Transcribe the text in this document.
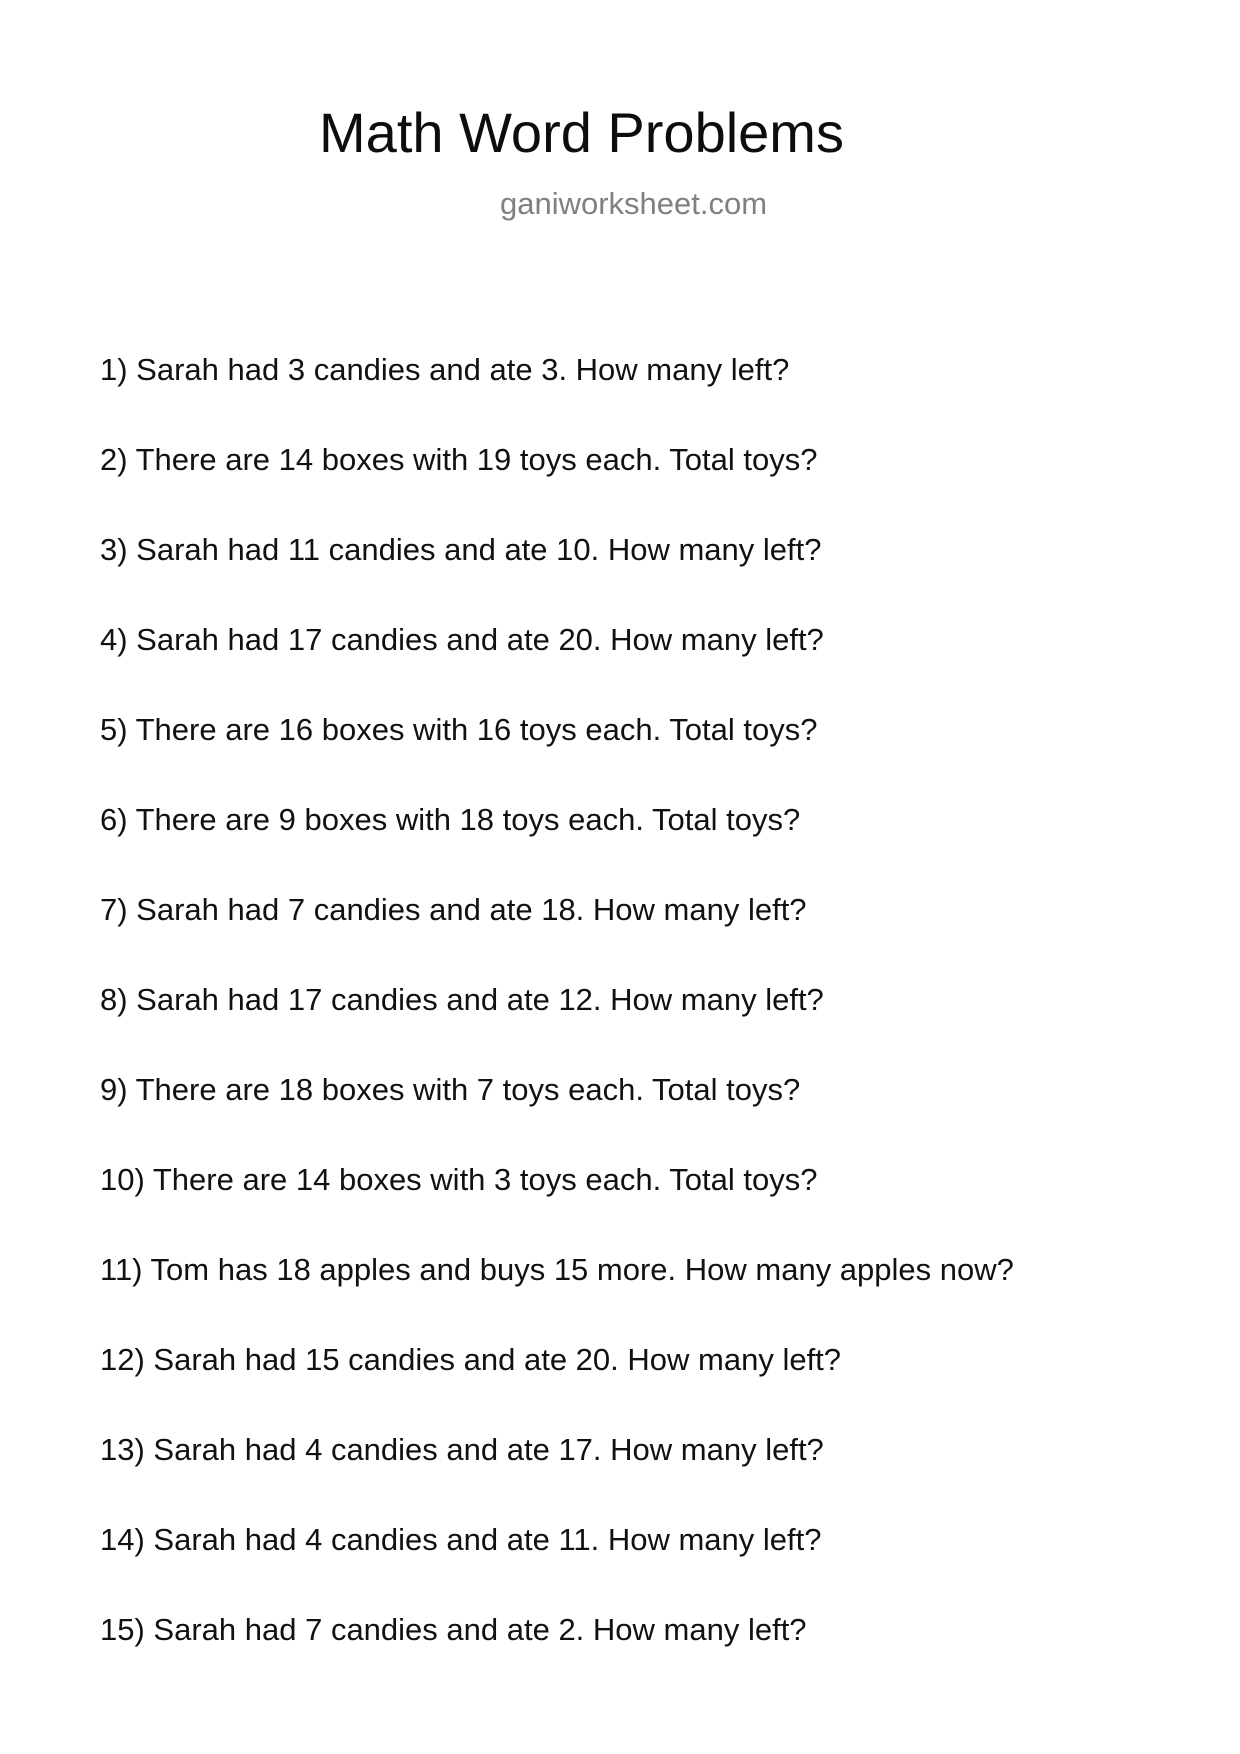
Math Word Problems
ganiworksheet.com
1) Sarah had 3 candies and ate 3. How many left?
2) There are 14 boxes with 19 toys each. Total toys?
3) Sarah had 11 candies and ate 10. How many left?
4) Sarah had 17 candies and ate 20. How many left?
5) There are 16 boxes with 16 toys each. Total toys?
6) There are 9 boxes with 18 toys each. Total toys?
7) Sarah had 7 candies and ate 18. How many left?
8) Sarah had 17 candies and ate 12. How many left?
9) There are 18 boxes with 7 toys each. Total toys?
10) There are 14 boxes with 3 toys each. Total toys?
11) Tom has 18 apples and buys 15 more. How many apples now?
12) Sarah had 15 candies and ate 20. How many left?
13) Sarah had 4 candies and ate 17. How many left?
14) Sarah had 4 candies and ate 11. How many left?
15) Sarah had 7 candies and ate 2. How many left?
